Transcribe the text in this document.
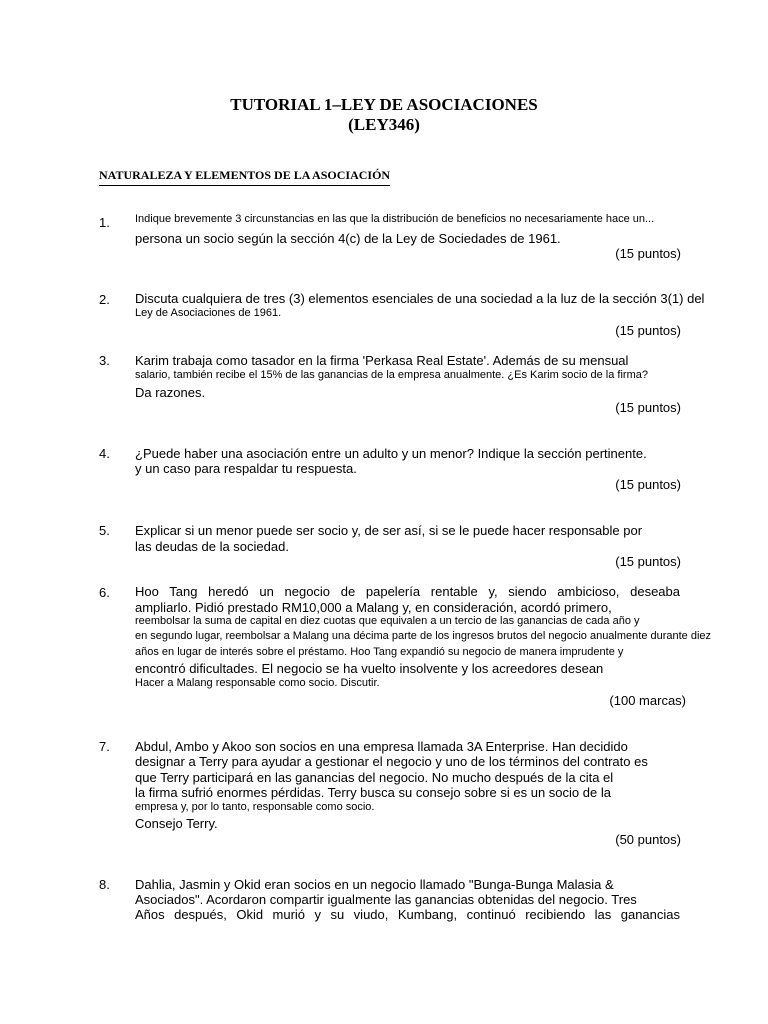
TUTORIAL 1–LEY DE ASOCIACIONES
(LEY346)
NATURALEZA Y ELEMENTOS DE LA ASOCIACIÓN
1. Indique brevemente 3 circunstancias en las que la distribución de beneficios no necesariamente hace un...
persona un socio según la sección 4(c) de la Ley de Sociedades de 1961.
(15 puntos)
2. Discuta cualquiera de tres (3) elementos esenciales de una sociedad a la luz de la sección 3(1) del
Ley de Asociaciones de 1961.
(15 puntos)
3. Karim trabaja como tasador en la firma 'Perkasa Real Estate'. Además de su mensual
salario, también recibe el 15% de las ganancias de la empresa anualmente. ¿Es Karim socio de la firma?
Da razones.
(15 puntos)
4. ¿Puede haber una asociación entre un adulto y un menor? Indique la sección pertinente.
y un caso para respaldar tu respuesta.
(15 puntos)
5. Explicar si un menor puede ser socio y, de ser así, si se le puede hacer responsable por
las deudas de la sociedad.
(15 puntos)
6. Hoo Tang heredó un negocio de papelería rentable y, siendo ambicioso, deseaba
ampliarlo. Pidió prestado RM10,000 a Malang y, en consideración, acordó primero,
reembolsar la suma de capital en diez cuotas que equivalen a un tercio de las ganancias de cada año y
en segundo lugar, reembolsar a Malang una décima parte de los ingresos brutos del negocio anualmente durante diez
años en lugar de interés sobre el préstamo. Hoo Tang expandió su negocio de manera imprudente y
encontró dificultades. El negocio se ha vuelto insolvente y los acreedores desean
Hacer a Malang responsable como socio. Discutir.
(100 marcas)
7. Abdul, Ambo y Akoo son socios en una empresa llamada 3A Enterprise. Han decidido
designar a Terry para ayudar a gestionar el negocio y uno de los términos del contrato es
que Terry participará en las ganancias del negocio. No mucho después de la cita el
la firma sufrió enormes pérdidas. Terry busca su consejo sobre si es un socio de la
empresa y, por lo tanto, responsable como socio.
Consejo Terry.
(50 puntos)
8. Dahlia, Jasmin y Okid eran socios en un negocio llamado "Bunga-Bunga Malasia &
Asociados". Acordaron compartir igualmente las ganancias obtenidas del negocio. Tres
Años después, Okid murió y su viudo, Kumbang, continuó recibiendo las ganancias
